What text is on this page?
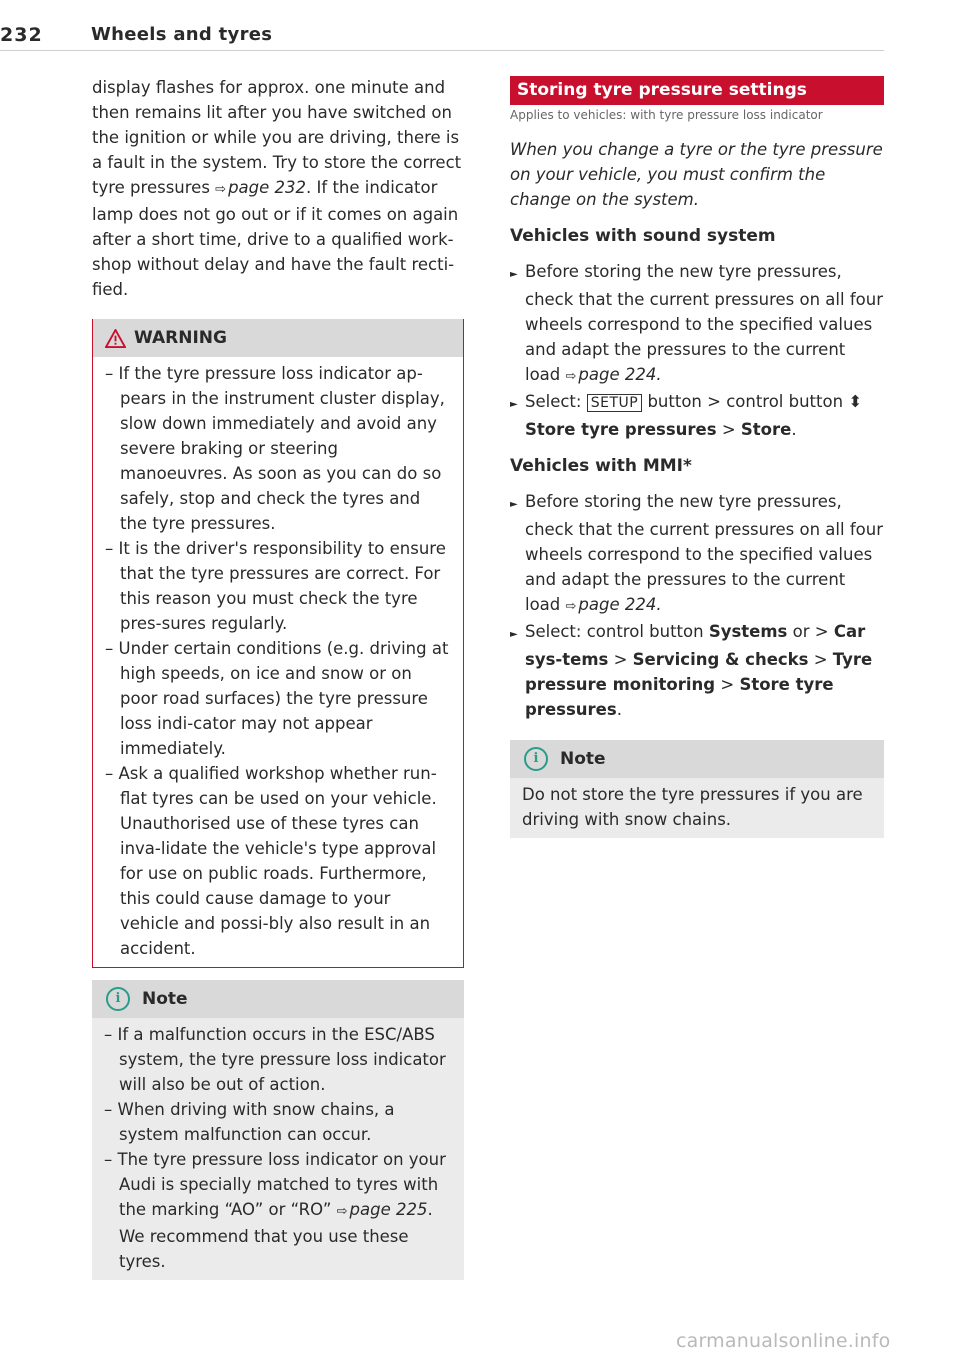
232	Wheels and tyres

display flashes for approx. one minute and then remains lit after you have switched on the ignition or while you are driving, there is a fault in the system. Try to store the correct tyre pressures ⇨ page 232. If the indicator lamp does not go out or if it comes on again after a short time, drive to a qualified work-shop without delay and have the fault recti-fied.

WARNING

– If the tyre pressure loss indicator ap-pears in the instrument cluster display, slow down immediately and avoid any severe braking or steering manoeuvres. As soon as you can do so safely, stop and check the tyres and the tyre pressures.

– It is the driver's responsibility to ensure that the tyre pressures are correct. For this reason you must check the tyre pres-sures regularly.

– Under certain conditions (e.g. driving at high speeds, on ice and snow or on poor road surfaces) the tyre pressure loss indi-cator may not appear immediately.

– Ask a qualified workshop whether run-flat tyres can be used on your vehicle. Unauthorised use of these tyres can inva-lidate the vehicle's type approval for use on public roads. Furthermore, this could cause damage to your vehicle and possi-bly also result in an accident.

i	Note

– If a malfunction occurs in the ESC/ABS system, the tyre pressure loss indicator will also be out of action.

– When driving with snow chains, a system malfunction can occur.

– The tyre pressure loss indicator on your Audi is specially matched to tyres with the marking “AO” or “RO” ⇨ page 225. We recommend that you use these tyres.

Storing tyre pressure settings
Applies to vehicles: with tyre pressure loss indicator

When you change a tyre or the tyre pressure on your vehicle, you must confirm the change on the system.

Vehicles with sound system

► Before storing the new tyre pressures, check that the current pressures on all four wheels correspond to the specified values and adapt the pressures to the current load ⇨ page 224.

► Select: SETUP button > control button ⬍ Store tyre pressures > Store.

Vehicles with MMI*

► Before storing the new tyre pressures, check that the current pressures on all four wheels correspond to the specified values and adapt the pressures to the current load ⇨ page 224.

► Select: control button Systems or > Car sys-tems > Servicing & checks > Tyre pressure monitoring > Store tyre pressures.

i	Note

Do not store the tyre pressures if you are driving with snow chains.

carmanualsonline.info
